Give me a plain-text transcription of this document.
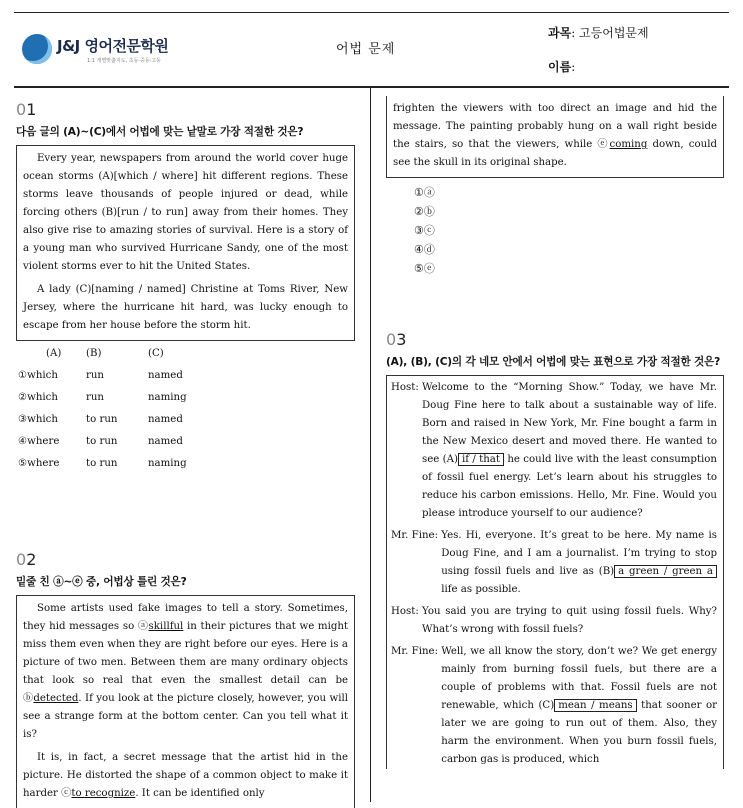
J&J 영어전문학원
1:1 개별맞춤지도, 초등·중등·고등
어법 문제
과목: 고등어법문제
이름:
01
다음 글의 (A)~(C)에서 어법에 맞는 낱말로 가장 적절한 것은?

Every year, newspapers from around the world cover huge ocean storms (A)[which / where] hit different regions. These storms leave thousands of people injured or dead, while forcing others (B)[run / to run] away from their homes. They also give rise to amazing stories of survival. Here is a story of a young man who survived Hurricane Sandy, one of the most violent storms ever to hit the United States.

A lady (C)[naming / named] Christine at Toms River, New Jersey, where the hurricane hit hard, was lucky enough to escape from her house before the storm hit.

(A)	(B)	(C)
①which	run	named
②which	run	naming
③which	to run	named
④where	to run	named
⑤where	to run	naming
02
밑줄 친 ⓐ~ⓔ 중, 어법상 틀린 것은?

Some artists used fake images to tell a story. Sometimes, they hid messages so ⓐskillful in their pictures that we might miss them even when they are right before our eyes. Here is a picture of two men. Between them are many ordinary objects that look so real that even the smallest detail can be ⓑdetected. If you look at the picture closely, however, you will see a strange form at the bottom center. Can you tell what it is?

It is, in fact, a secret message that the artist hid in the picture. He distorted the shape of a common object to make it harder ⓒto recognize. It can be identified only

frighten the viewers with too direct an image and hid the message. The painting probably hung on a wall right beside the stairs, so that the viewers, while ⓔcoming down, could see the skull in its original shape.

①ⓐ
②ⓑ
③ⓒ
④ⓓ
⑤ⓔ
03
(A), (B), (C)의 각 네모 안에서 어법에 맞는 표현으로 가장 적절한 것은?
Host: Welcome to the “Morning Show.” Today, we have Mr. Doug Fine here to talk about a sustainable way of life. Born and raised in New York, Mr. Fine bought a farm in the New Mexico desert and moved there. He wanted to see (A) if / that he could live with the least consumption of fossil fuel energy. Let’s learn about his struggles to reduce his carbon emissions. Hello, Mr. Fine. Would you please introduce yourself to our audience?
Mr. Fine: Yes. Hi, everyone. It’s great to be here. My name is Doug Fine, and I am a journalist. I’m trying to stop using fossil fuels and live as (B) a green / green a life as possible.
Host: You said you are trying to quit using fossil fuels. Why? What’s wrong with fossil fuels?
Mr. Fine: Well, we all know the story, don’t we? We get energy mainly from burning fossil fuels, but there are a couple of problems with that. Fossil fuels are not renewable, which (C) mean / means that sooner or later we are going to run out of them. Also, they harm the environment. When you burn fossil fuels, carbon gas is produced, which
